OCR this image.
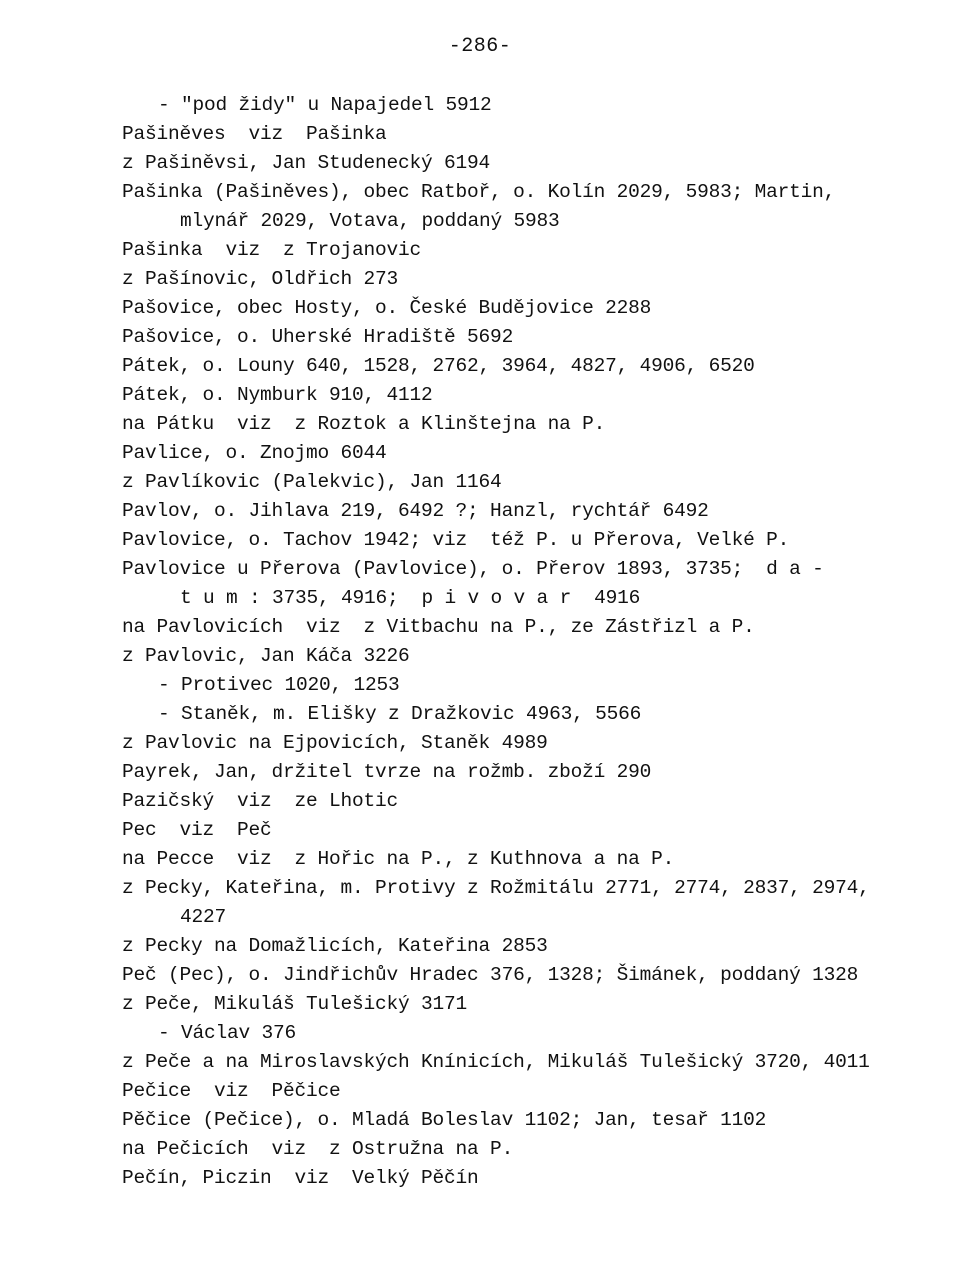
-286-
- "pod židy" u Napajedel 5912
Pašiněves  viz  Pašinka
z Pašiněvsi, Jan Studenecký 6194
Pašinka (Pašiněves), obec Ratboř, o. Kolín 2029, 5983; Martin,
mlynář 2029, Votava, poddaný 5983
Pašinka  viz  z Trojanovic
z Pašínovic, Oldřich 273
Pašovice, obec Hosty, o. České Budějovice 2288
Pašovice, o. Uherské Hradiště 5692
Pátek, o. Louny 640, 1528, 2762, 3964, 4827, 4906, 6520
Pátek, o. Nymburk 910, 4112
na Pátku  viz  z Roztok a Klinštejna na P.
Pavlice, o. Znojmo 6044
z Pavlíkovic (Palekvic), Jan 1164
Pavlov, o. Jihlava 219, 6492 ?; Hanzl, rychtář 6492
Pavlovice, o. Tachov 1942; viz  též P. u Přerova, Velké P.
Pavlovice u Přerova (Pavlovice), o. Přerov 1893, 3735;  d a -
t u m : 3735, 4916;  p i v o v a r  4916
na Pavlovicích  viz  z Vitbachu na P., ze Zástřizl a P.
z Pavlovic, Jan Káča 3226
- Protivec 1020, 1253
- Staněk, m. Elišky z Dražkovic 4963, 5566
z Pavlovic na Ejpovicích, Staněk 4989
Payrek, Jan, držitel tvrze na rožmb. zboží 290
Pazičský  viz  ze Lhotic
Pec  viz  Peč
na Pecce  viz  z Hořic na P., z Kuthnova a na P.
z Pecky, Kateřina, m. Protivy z Rožmitálu 2771, 2774, 2837, 2974,
4227
z Pecky na Domažlicích, Kateřina 2853
Peč (Pec), o. Jindřichův Hradec 376, 1328; Šimánek, poddaný 1328
z Peče, Mikuláš Tulešický 3171
- Václav 376
z Peče a na Miroslavských Knínicích, Mikuláš Tulešický 3720, 4011
Pečice  viz  Pěčice
Pěčice (Pečice), o. Mladá Boleslav 1102; Jan, tesař 1102
na Pečicích  viz  z Ostružna na P.
Pečín, Piczin  viz  Velký Pěčín
